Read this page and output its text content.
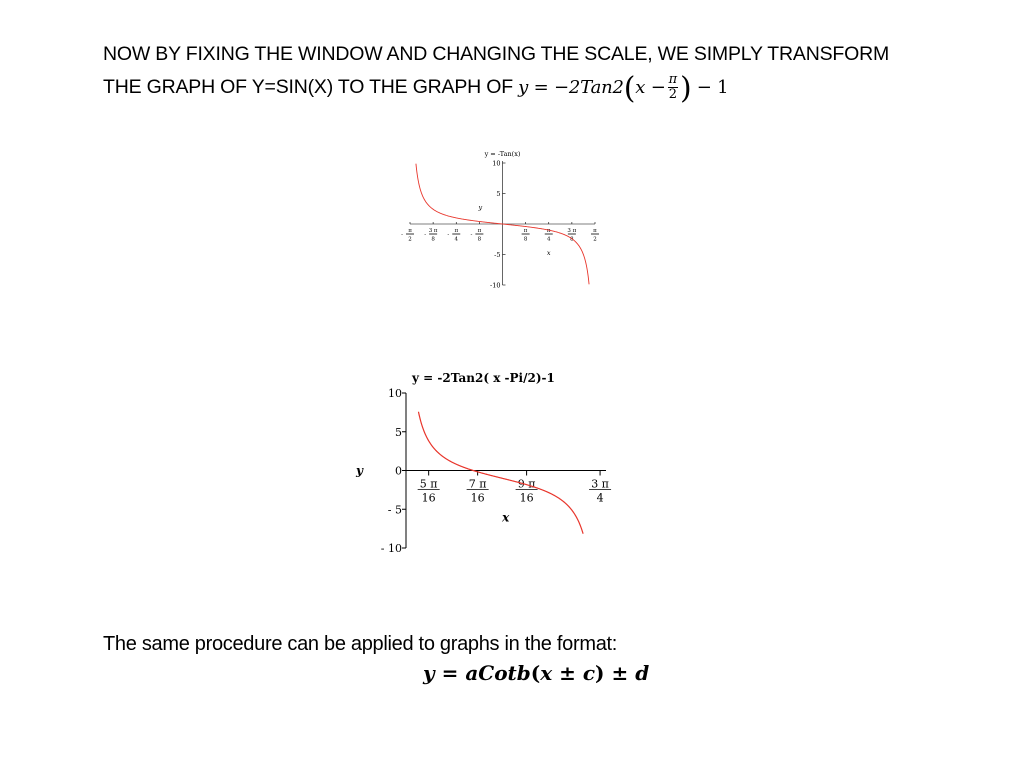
NOW BY FIXING THE WINDOW AND CHANGING THE SCALE, WE SIMPLY TRANSFORM
THE GRAPH OF Y=SIN(X) TO THE GRAPH OF $y = -2Tan2(x - \frac{\pi}{2}$ ) − 1
y = -Tan(x)
10
5
-5
-10
y
-
π
2
-
3 π
8
-
π
4
-
π
8
π
8
π
4
3 π
8
π
2
x
y = -2Tan2( x -Pi/2)-1
10
5
0
- 5
- 10
y
5 π
16
7 π
16
9 π
16
3 π
4
x
The same procedure can be applied to graphs in the format:
y = aCotb(x ± c) ± d
